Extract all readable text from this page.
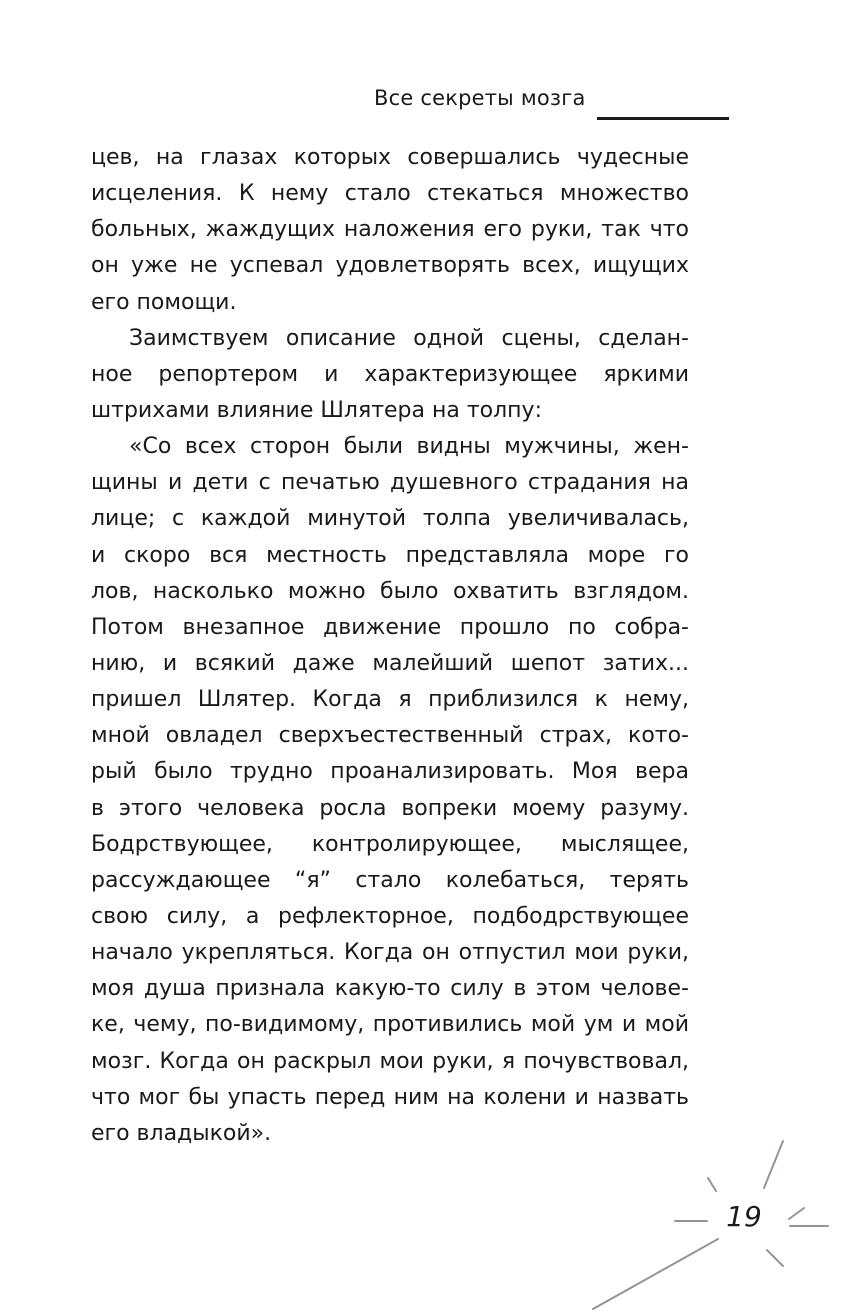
Все секреты мозга
цев, на глазах которых совершались чудесные
исцеления. К нему стало стекаться множество
больных, жаждущих наложения его руки, так что
он уже не успевал удовлетворять всех, ищущих
его помощи.
Заимствуем описание одной сцены, сделан-
ное репортером и характеризующее яркими
штрихами влияние Шлятера на толпу:
«Со всех сторон были видны мужчины, жен-
щины и дети с печатью душевного страдания на
лице; с каждой минутой толпа увеличивалась,
и скоро вся местность представляла море го
лов, насколько можно было охватить взглядом.
Потом внезапное движение прошло по собра-
нию, и всякий даже малейший шепот затих...
пришел Шлятер. Когда я приблизился к нему,
мной овладел сверхъестественный страх, кото-
рый было трудно проанализировать. Моя вера
в этого человека росла вопреки моему разуму.
Бодрствующее, контролирующее, мыслящее,
рассуждающее “я” стало колебаться, терять
свою силу, а рефлекторное, подбодрствующее
начало укрепляться. Когда он отпустил мои руки,
моя душа признала какую-то силу в этом челове-
ке, чему, по-видимому, противились мой ум и мой
мозг. Когда он раскрыл мои руки, я почувствовал,
что мог бы упасть перед ним на колени и назвать
его владыкой».
19
